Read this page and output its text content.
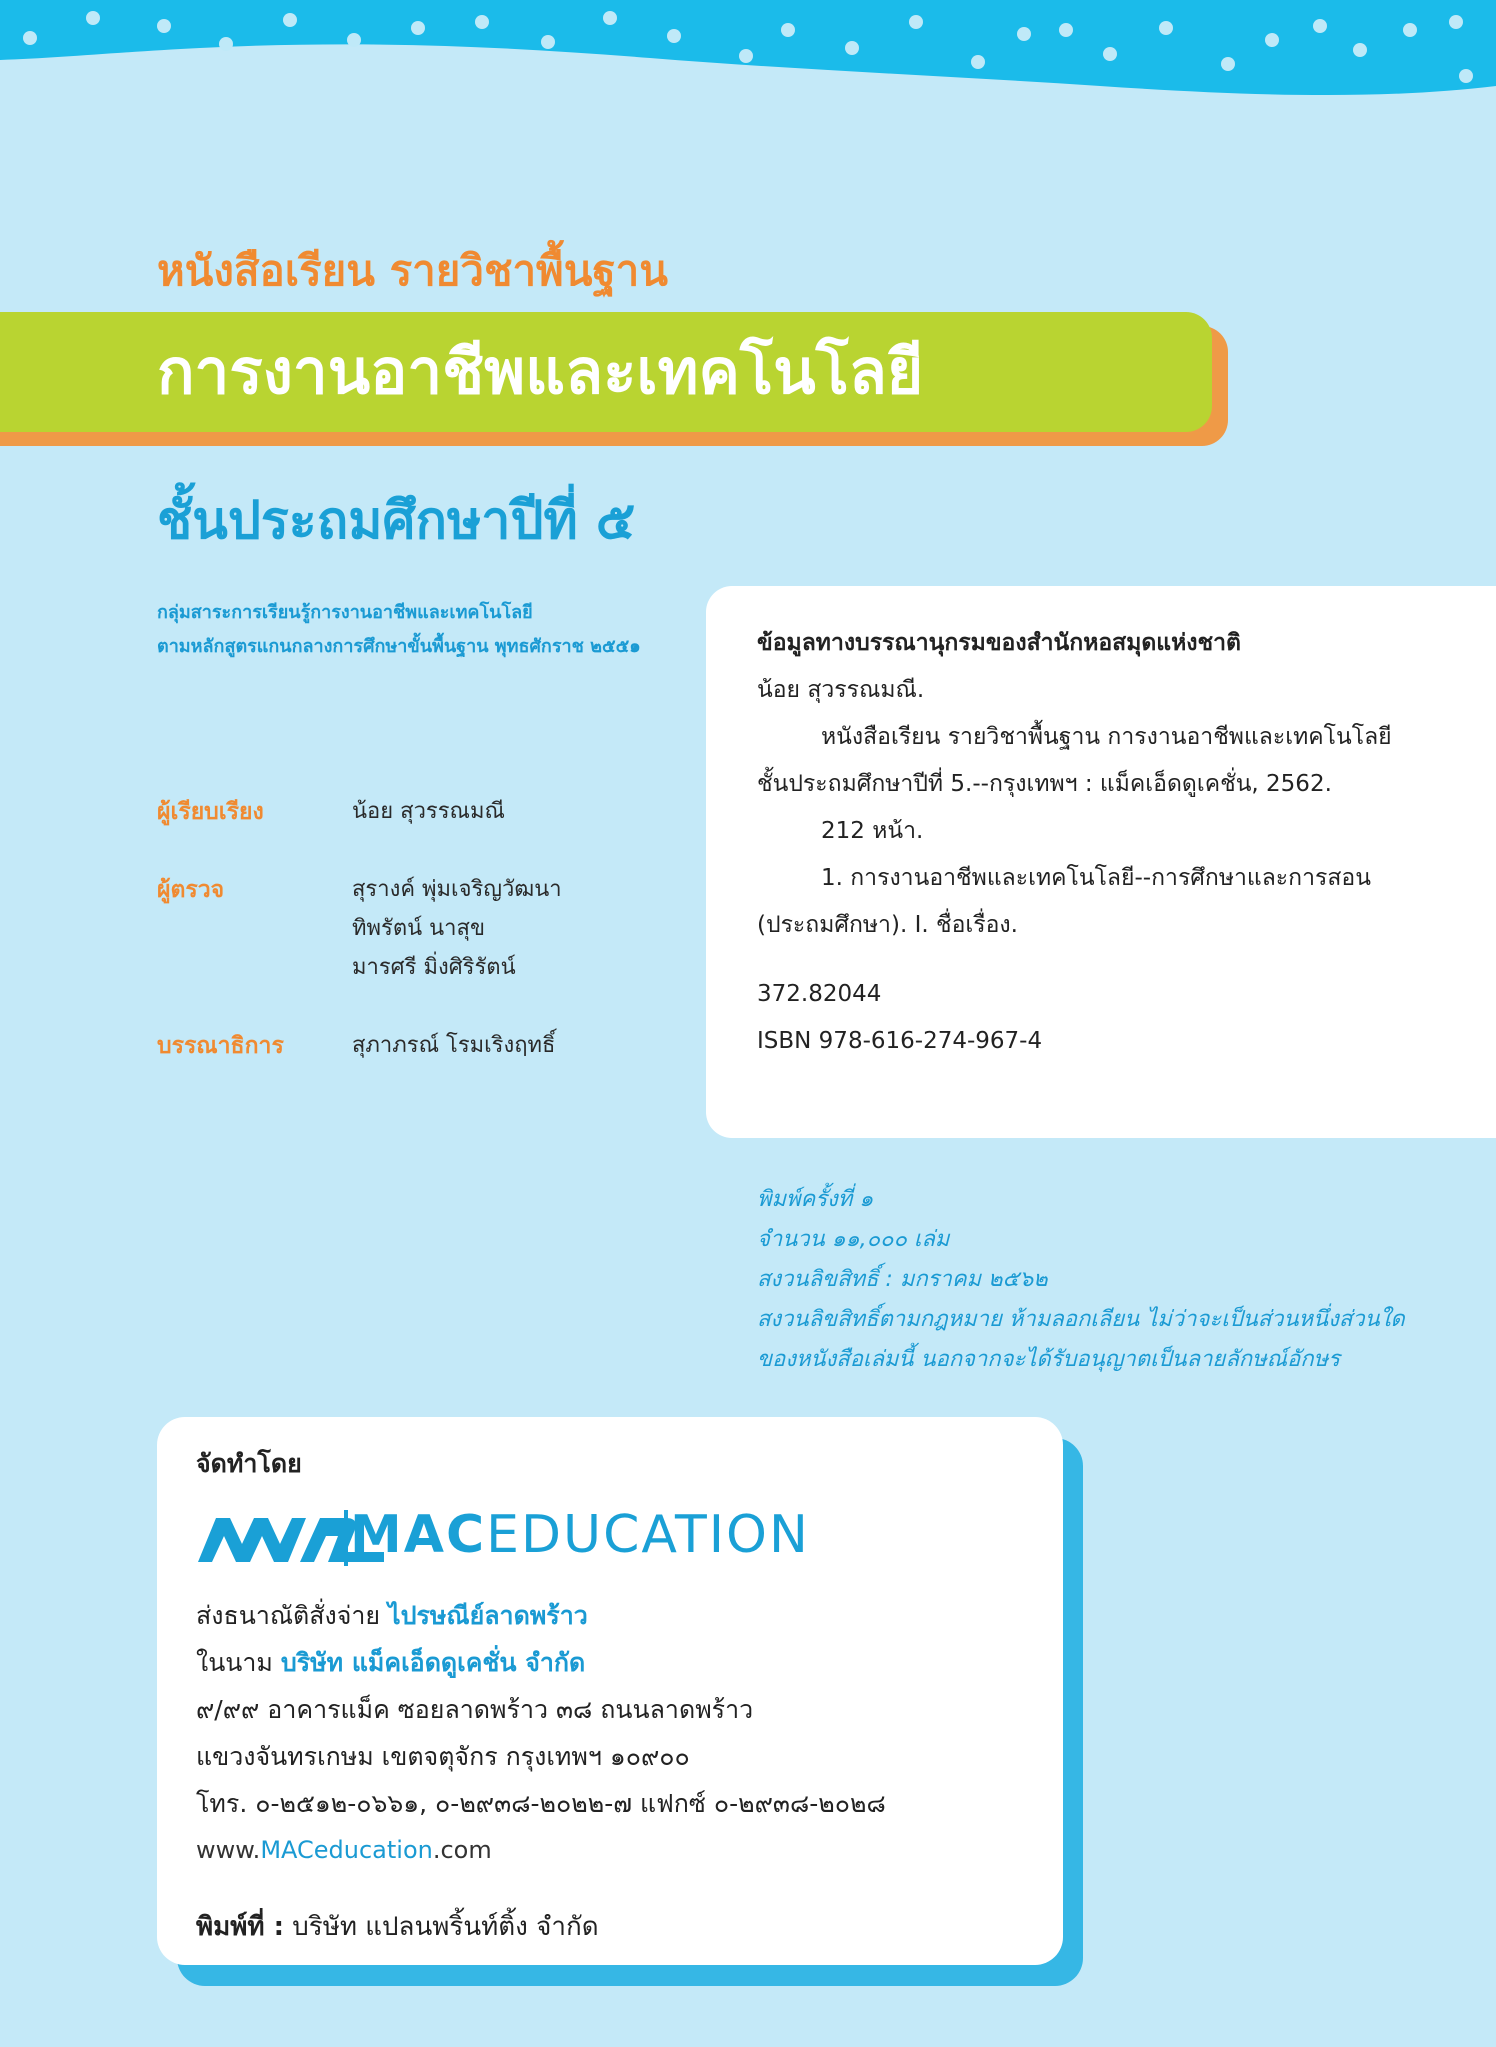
หนังสือเรียน รายวิชาพื้นฐาน
การงานอาชีพและเทคโนโลยี
ชั้นประถมศึกษาปีที่ ๕
กลุ่มสาระการเรียนรู้การงานอาชีพและเทคโนโลยี
ตามหลักสูตรแกนกลางการศึกษาขั้นพื้นฐาน พุทธศักราช ๒๕๕๑
ผู้เรียบเรียง	น้อย สุวรรณมณี
ผู้ตรวจ	สุรางค์ พุ่มเจริญวัฒนา
ทิพรัตน์ นาสุข
มารศรี มิ่งศิริรัตน์
บรรณาธิการ	สุภาภรณ์ โรมเริงฤทธิ์
ข้อมูลทางบรรณานุกรมของสำนักหอสมุดแห่งชาติ
น้อย สุวรรณมณี.
หนังสือเรียน รายวิชาพื้นฐาน การงานอาชีพและเทคโนโลยี
ชั้นประถมศึกษาปีที่ 5.--กรุงเทพฯ : แม็คเอ็ดดูเคชั่น, 2562.
212 หน้า.
1. การงานอาชีพและเทคโนโลยี--การศึกษาและการสอน
(ประถมศึกษา). I. ชื่อเรื่อง.
372.82044
ISBN 978-616-274-967-4
พิมพ์ครั้งที่ ๑
จำนวน ๑๑,๐๐๐ เล่ม
สงวนลิขสิทธิ์ : มกราคม ๒๕๖๒
สงวนลิขสิทธิ์ตามกฎหมาย ห้ามลอกเลียน ไม่ว่าจะเป็นส่วนหนึ่งส่วนใด
ของหนังสือเล่มนี้ นอกจากจะได้รับอนุญาตเป็นลายลักษณ์อักษร
จัดทำโดย
MACEDUCATION
ส่งธนาณัติสั่งจ่าย ไปรษณีย์ลาดพร้าว
ในนาม บริษัท แม็คเอ็ดดูเคชั่น จำกัด
๙/๙๙ อาคารแม็ค ซอยลาดพร้าว ๓๘ ถนนลาดพร้าว
แขวงจันทรเกษม เขตจตุจักร กรุงเทพฯ ๑๐๙๐๐
โทร. ๐-๒๕๑๒-๐๖๖๑, ๐-๒๙๓๘-๒๐๒๒-๗ แฟกซ์ ๐-๒๙๓๘-๒๐๒๘
www.MACeducation.com
พิมพ์ที่ : บริษัท แปลนพริ้นท์ติ้ง จำกัด
